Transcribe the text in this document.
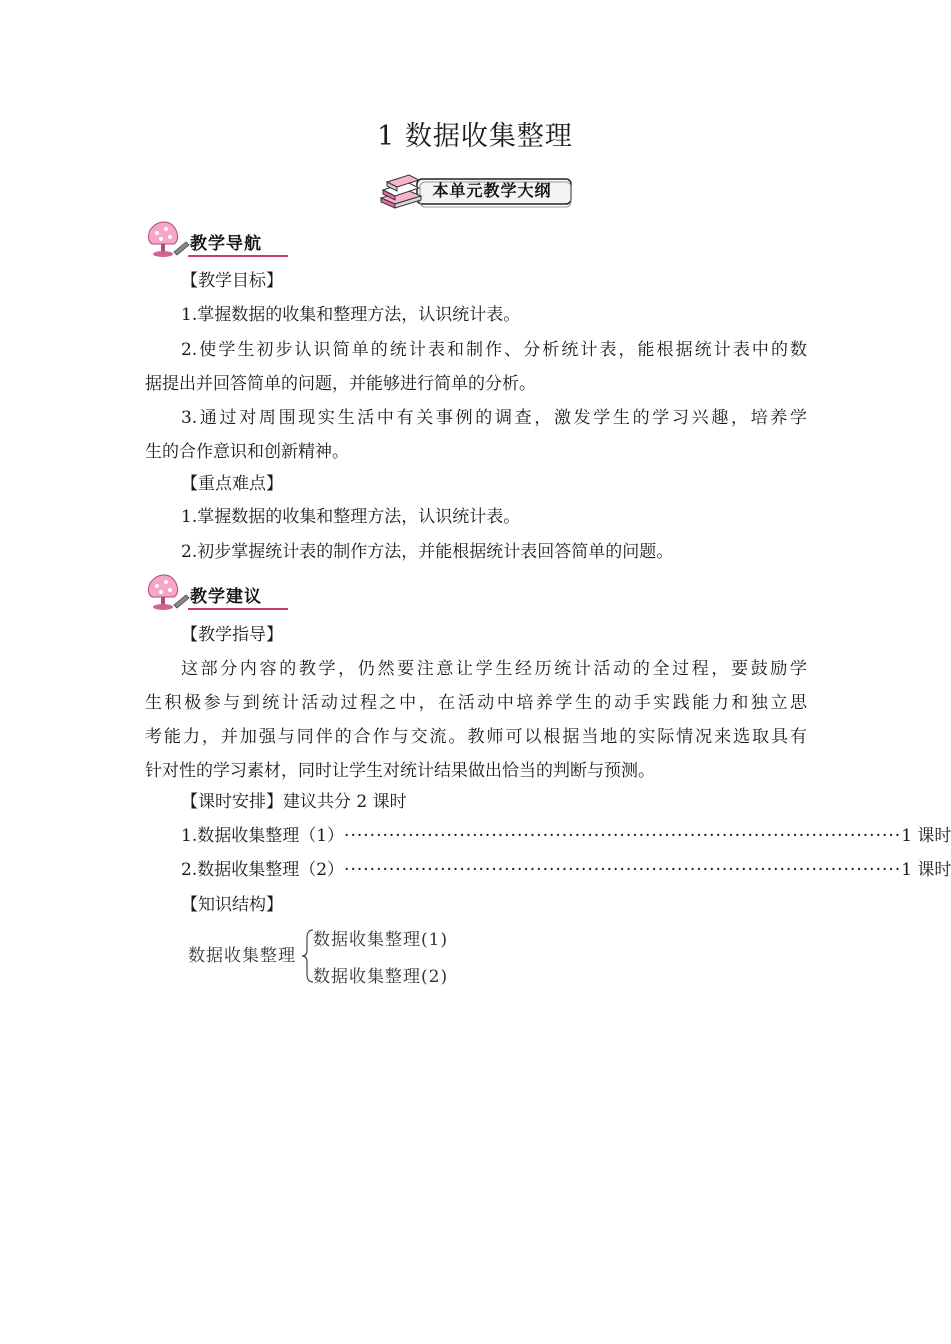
1 数据收集整理
本单元教学大纲
教学导航
【教学目标】
1.掌握数据的收集和整理方法，认识统计表。
2.使学生初步认识简单的统计表和制作、分析统计表，能根据统计表中的数
据提出并回答简单的问题，并能够进行简单的分析。
3.通过对周围现实生活中有关事例的调查，激发学生的学习兴趣，培养学
生的合作意识和创新精神。
【重点难点】
1.掌握数据的收集和整理方法，认识统计表。
2.初步掌握统计表的制作方法，并能根据统计表回答简单的问题。
教学建议
【教学指导】
这部分内容的教学，仍然要注意让学生经历统计活动的全过程，要鼓励学
生积极参与到统计活动过程之中，在活动中培养学生的动手实践能力和独立思
考能力，并加强与同伴的合作与交流。教师可以根据当地的实际情况来选取具有
针对性的学习素材，同时让学生对统计结果做出恰当的判断与预测。
【课时安排】建议共分 2 课时
1.数据收集整理（1） ······················································································· 1 课时
2.数据收集整理（2） ······················································································· 1 课时
【知识结构】
数据收集整理
数据收集整理(1)
数据收集整理(2)
